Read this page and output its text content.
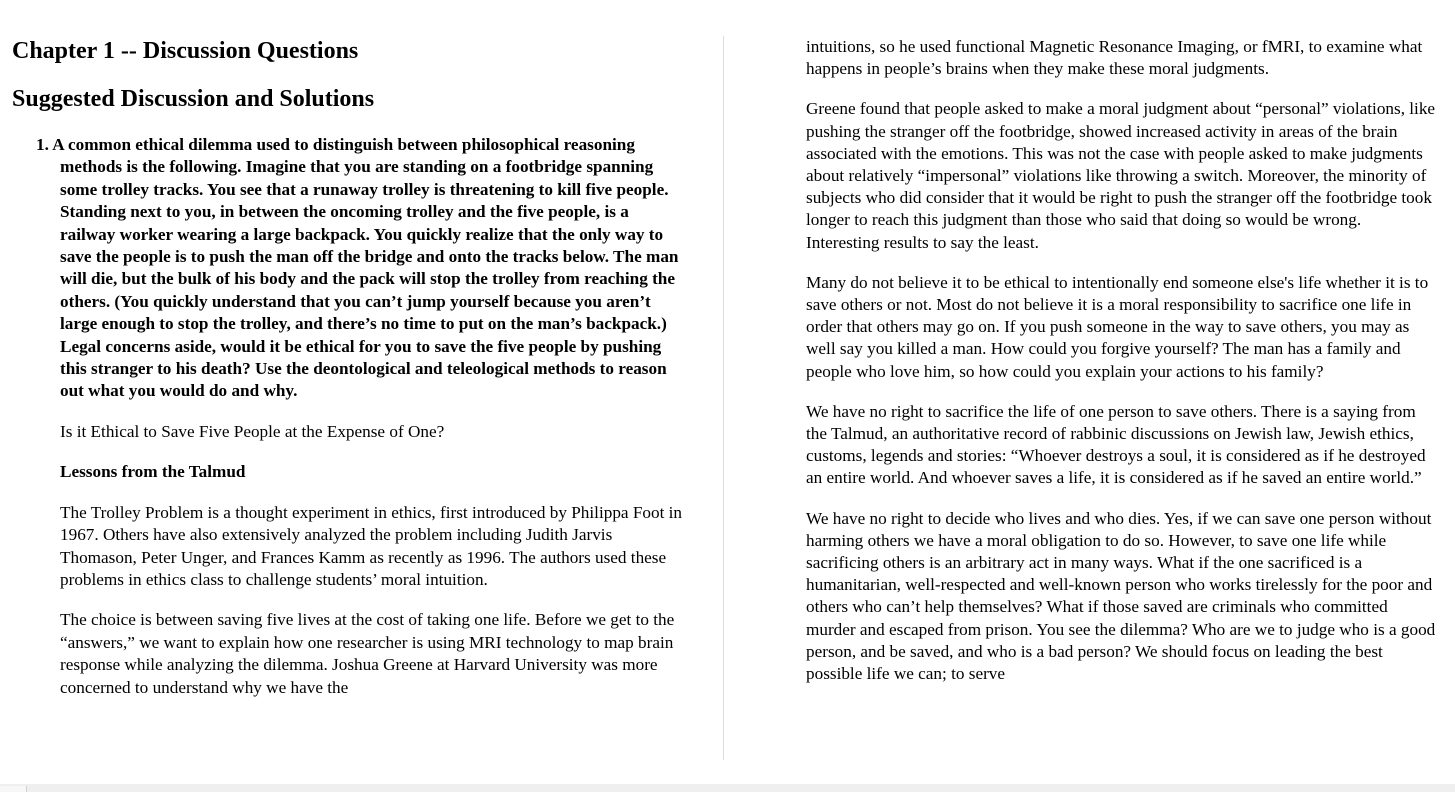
Chapter 1 -- Discussion Questions
Suggested Discussion and Solutions
1. A common ethical dilemma used to distinguish between philosophical reasoning methods is the following. Imagine that you are standing on a footbridge spanning some trolley tracks. You see that a runaway trolley is threatening to kill five people. Standing next to you, in between the oncoming trolley and the five people, is a railway worker wearing a large backpack. You quickly realize that the only way to save the people is to push the man off the bridge and onto the tracks below. The man will die, but the bulk of his body and the pack will stop the trolley from reaching the others. (You quickly understand that you can’t jump yourself because you aren’t large enough to stop the trolley, and there’s no time to put on the man’s backpack.) Legal concerns aside, would it be ethical for you to save the five people by pushing this stranger to his death? Use the deontological and teleological methods to reason out what you would do and why.
Is it Ethical to Save Five People at the Expense of One?
Lessons from the Talmud
The Trolley Problem is a thought experiment in ethics, first introduced by Philippa Foot in 1967. Others have also extensively analyzed the problem including Judith Jarvis Thomason, Peter Unger, and Frances Kamm as recently as 1996. The authors used these problems in ethics class to challenge students’ moral intuition.
The choice is between saving five lives at the cost of taking one life. Before we get to the “answers,” we want to explain how one researcher is using MRI technology to map brain response while analyzing the dilemma. Joshua Greene at Harvard University was more concerned to understand why we have the
intuitions, so he used functional Magnetic Resonance Imaging, or fMRI, to examine what happens in people’s brains when they make these moral judgments.
Greene found that people asked to make a moral judgment about “personal” violations, like pushing the stranger off the footbridge, showed increased activity in areas of the brain associated with the emotions. This was not the case with people asked to make judgments about relatively “impersonal” violations like throwing a switch. Moreover, the minority of subjects who did consider that it would be right to push the stranger off the footbridge took longer to reach this judgment than those who said that doing so would be wrong. Interesting results to say the least.
Many do not believe it to be ethical to intentionally end someone else's life whether it is to save others or not. Most do not believe it is a moral responsibility to sacrifice one life in order that others may go on. If you push someone in the way to save others, you may as well say you killed a man. How could you forgive yourself? The man has a family and people who love him, so how could you explain your actions to his family?
We have no right to sacrifice the life of one person to save others. There is a saying from the Talmud, an authoritative record of rabbinic discussions on Jewish law, Jewish ethics, customs, legends and stories: “Whoever destroys a soul, it is considered as if he destroyed an entire world. And whoever saves a life, it is considered as if he saved an entire world.”
We have no right to decide who lives and who dies. Yes, if we can save one person without harming others we have a moral obligation to do so. However, to save one life while sacrificing others is an arbitrary act in many ways. What if the one sacrificed is a humanitarian, well-respected and well-known person who works tirelessly for the poor and others who can’t help themselves? What if those saved are criminals who committed murder and escaped from prison. You see the dilemma? Who are we to judge who is a good person, and be saved, and who is a bad person? We should focus on leading the best possible life we can; to serve
